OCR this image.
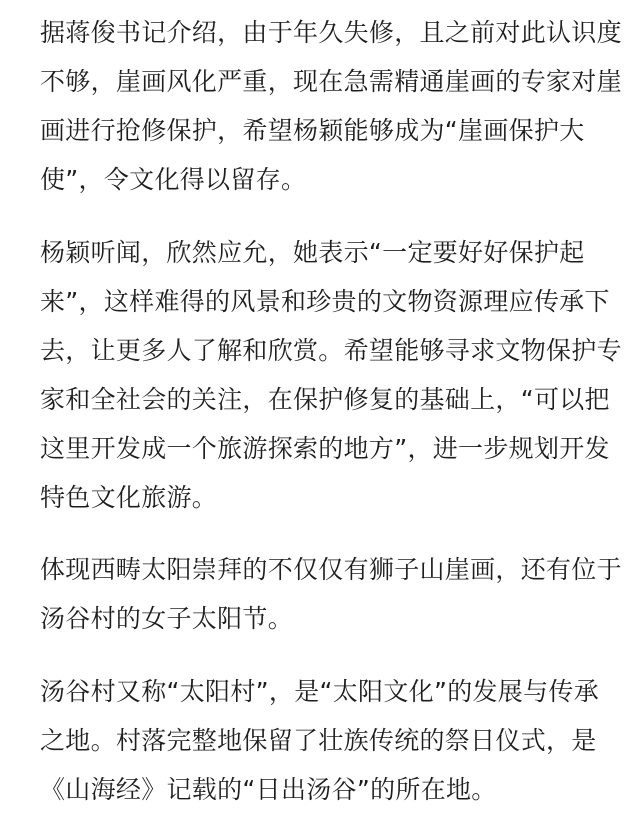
据蒋俊书记介绍，由于年久失修，且之前对此认识度
不够，崖画风化严重，现在急需精通崖画的专家对崖
画进行抢修保护，希望杨颖能够成为“崖画保护大
使”，令文化得以留存。

杨颖听闻，欣然应允，她表示“一定要好好保护起
来”，这样难得的风景和珍贵的文物资源理应传承下
去，让更多人了解和欣赏。希望能够寻求文物保护专
家和全社会的关注，在保护修复的基础上，“可以把
这里开发成一个旅游探索的地方”，进一步规划开发
特色文化旅游。

体现西畴太阳崇拜的不仅仅有狮子山崖画，还有位于
汤谷村的女子太阳节。

汤谷村又称“太阳村”，是“太阳文化”的发展与传承
之地。村落完整地保留了壮族传统的祭日仪式，是
《山海经》记载的“日出汤谷”的所在地。
